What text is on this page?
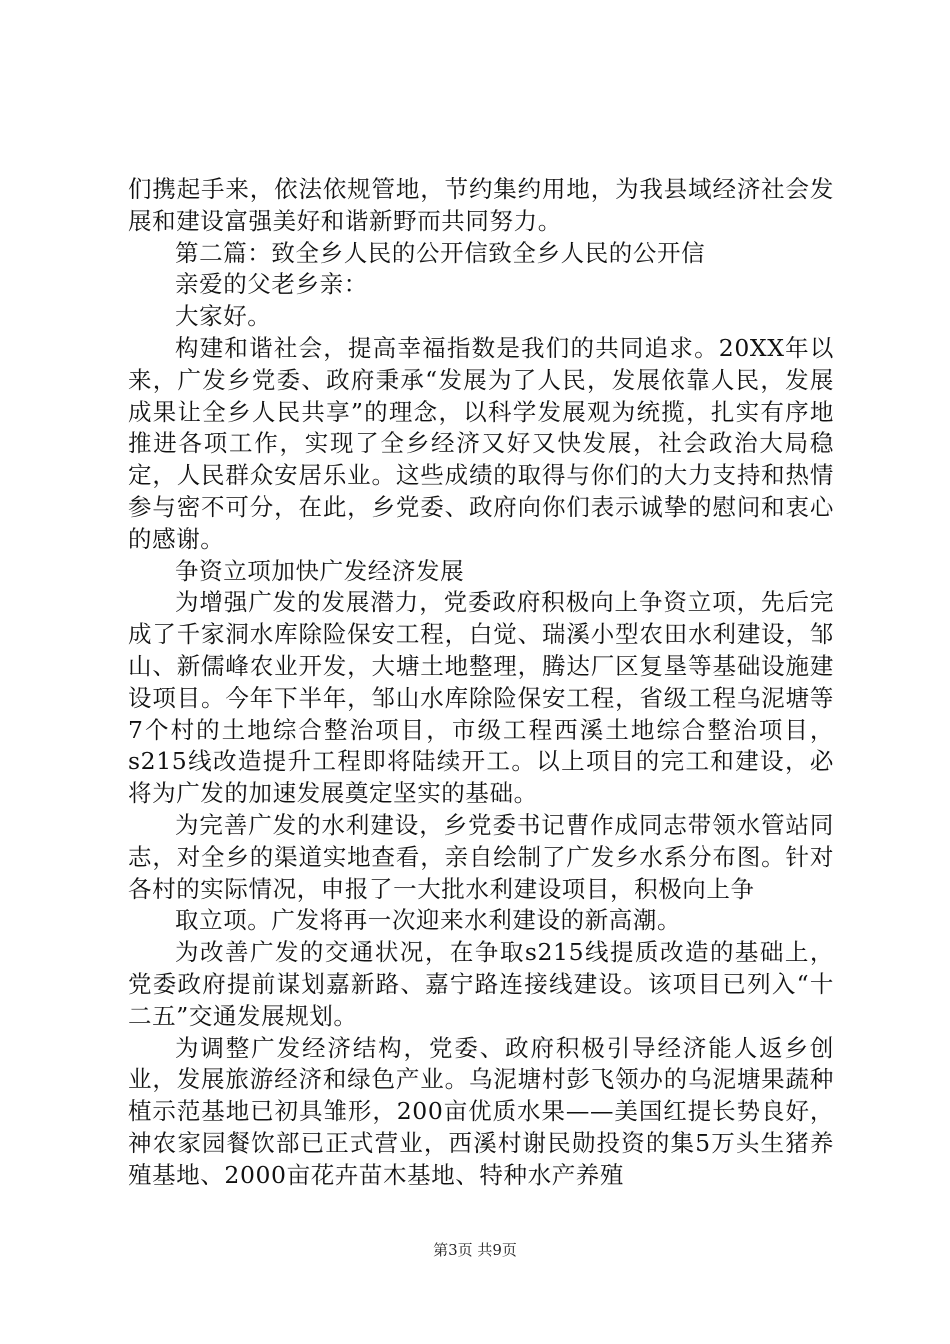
们携起手来，依法依规管地，节约集约用地，为我县域经济社会发展和建设富强美好和谐新野而共同努力。

第二篇：致全乡人民的公开信致全乡人民的公开信

亲爱的父老乡亲：

大家好。

构建和谐社会，提高幸福指数是我们的共同追求。20XX年以来，广发乡党委、政府秉承“发展为了人民，发展依靠人民，发展成果让全乡人民共享”的理念，以科学发展观为统揽，扎实有序地推进各项工作，实现了全乡经济又好又快发展，社会政治大局稳定，人民群众安居乐业。这些成绩的取得与你们的大力支持和热情参与密不可分，在此，乡党委、政府向你们表示诚挚的慰问和衷心的感谢。

争资立项加快广发经济发展

为增强广发的发展潜力，党委政府积极向上争资立项，先后完成了千家洞水库除险保安工程，白觉、瑞溪小型农田水利建设，邹山、新儒峰农业开发，大塘土地整理，腾达厂区复垦等基础设施建设项目。今年下半年，邹山水库除险保安工程，省级工程乌泥塘等7个村的土地综合整治项目，市级工程西溪土地综合整治项目，s215线改造提升工程即将陆续开工。以上项目的完工和建设，必将为广发的加速发展奠定坚实的基础。

为完善广发的水利建设，乡党委书记曹作成同志带领水管站同志，对全乡的渠道实地查看，亲自绘制了广发乡水系分布图。针对各村的实际情况，申报了一大批水利建设项目，积极向上争

取立项。广发将再一次迎来水利建设的新高潮。

为改善广发的交通状况，在争取s215线提质改造的基础上，党委政府提前谋划嘉新路、嘉宁路连接线建设。该项目已列入“十二五”交通发展规划。

为调整广发经济结构，党委、政府积极引导经济能人返乡创业，发展旅游经济和绿色产业。乌泥塘村彭飞领办的乌泥塘果蔬种植示范基地已初具雏形，200亩优质水果——美国红提长势良好，神农家园餐饮部已正式营业，西溪村谢民勋投资的集5万头生猪养殖基地、2000亩花卉苗木基地、特种水产养殖

第3页 共9页
